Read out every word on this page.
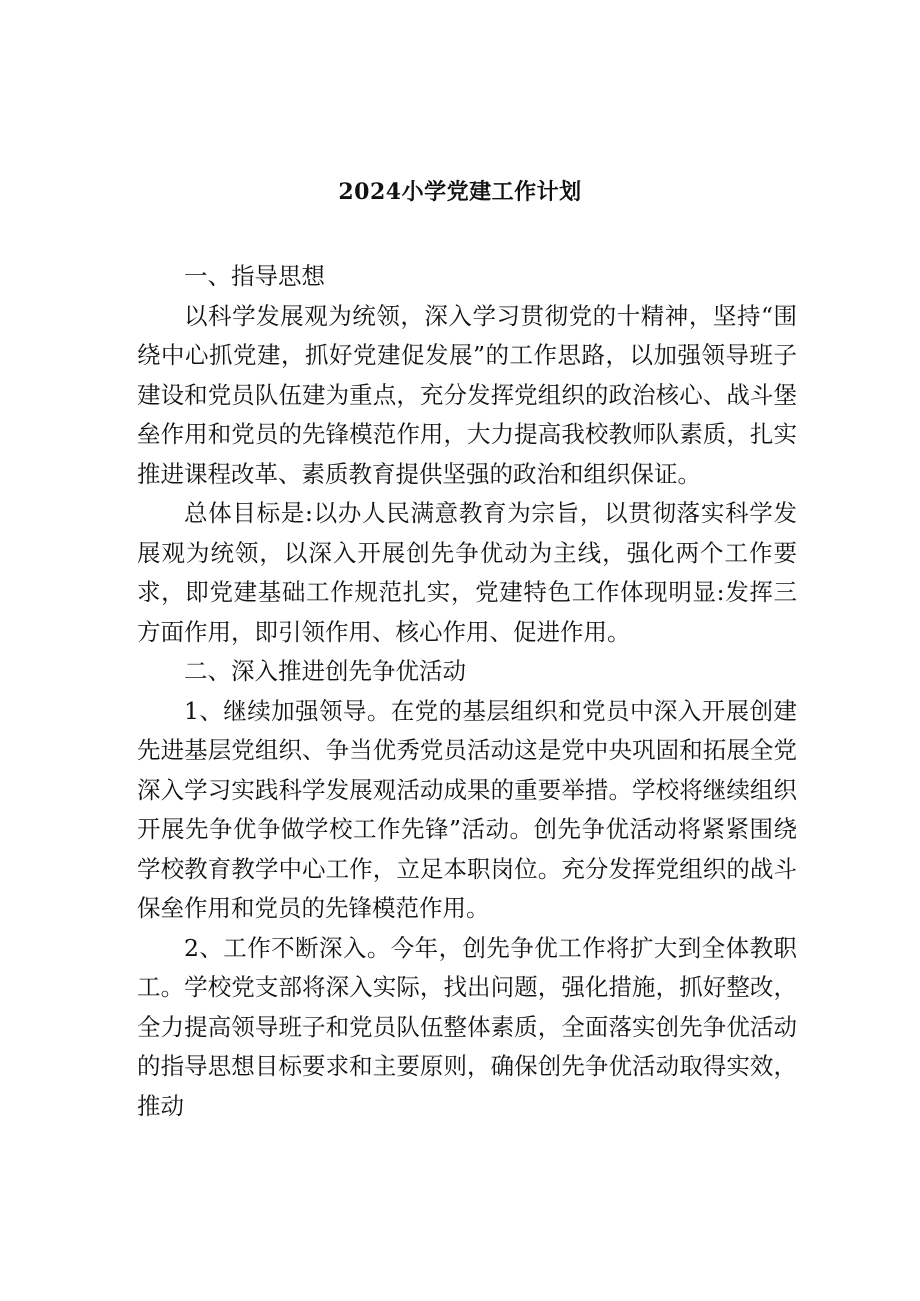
2024小学党建工作计划

一、指导思想

以科学发展观为统领，深入学习贯彻党的十精神，坚持“围绕中心抓党建，抓好党建促发展”的工作思路，以加强领导班子建设和党员队伍建为重点，充分发挥党组织的政治核心、战斗堡垒作用和党员的先锋模范作用，大力提高我校教师队素质，扎实推进课程改革、素质教育提供坚强的政治和组织保证。

总体目标是:以办人民满意教育为宗旨，以贯彻落实科学发展观为统领，以深入开展创先争优动为主线，强化两个工作要求，即党建基础工作规范扎实，党建特色工作体现明显:发挥三方面作用，即引领作用、核心作用、促进作用。

二、深入推进创先争优活动

1、继续加强领导。在党的基层组织和党员中深入开展创建先进基层党组织、争当优秀党员活动这是党中央巩固和拓展全党深入学习实践科学发展观活动成果的重要举措。学校将继续组织开展先争优争做学校工作先锋”活动。创先争优活动将紧紧围绕学校教育教学中心工作，立足本职岗位。充分发挥党组织的战斗保垒作用和党员的先锋模范作用。

2、工作不断深入。今年，创先争优工作将扩大到全体教职工。学校党支部将深入实际，找出问题，强化措施，抓好整改，全力提高领导班子和党员队伍整体素质，全面落实创先争优活动的指导思想目标要求和主要原则，确保创先争优活动取得实效，推动
